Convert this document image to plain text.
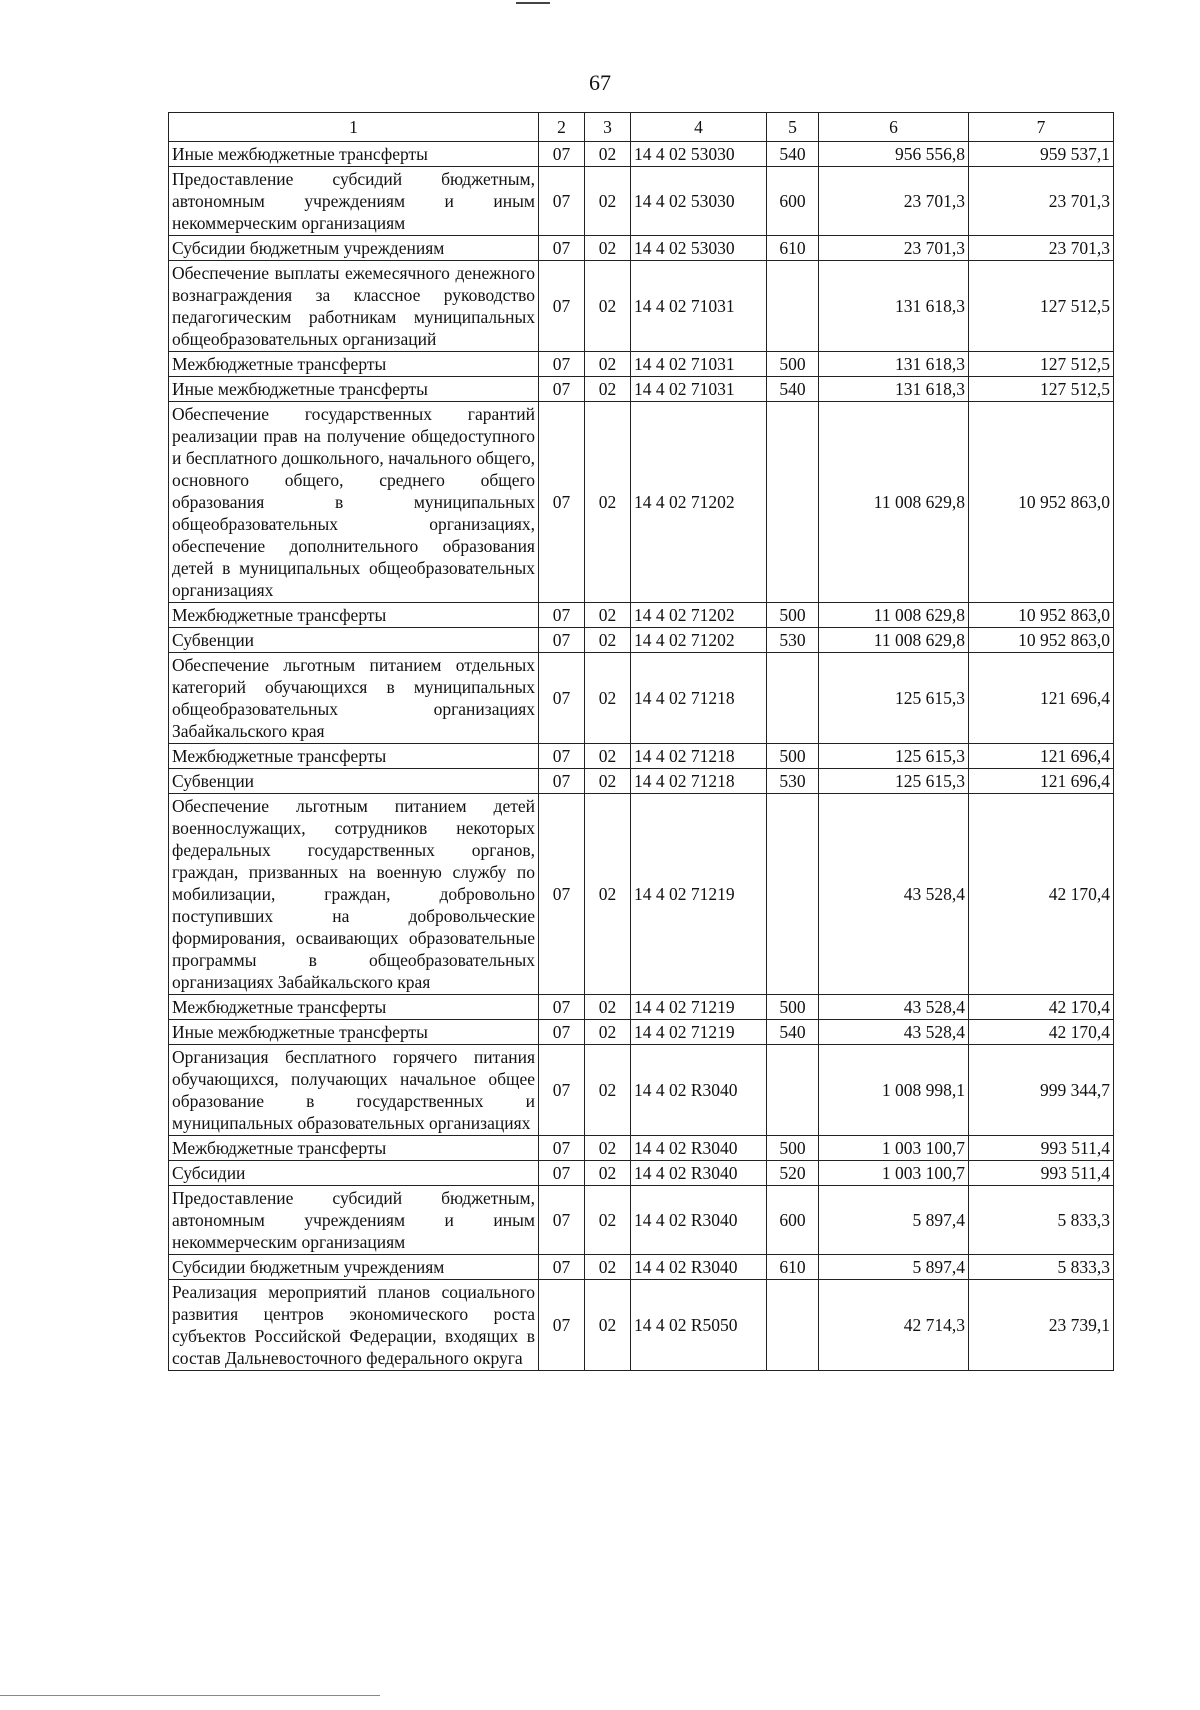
67
1	2	3	4	5	6	7
Иные межбюджетные трансферты	07	02	14 4 02 53030	540	956 556,8	959 537,1
Предоставление субсидий бюджетным, автономным учреждениям и иным некоммерческим организациям	07	02	14 4 02 53030	600	23 701,3	23 701,3
Субсидии бюджетным учреждениям	07	02	14 4 02 53030	610	23 701,3	23 701,3
Обеспечение выплаты ежемесячного денежного вознаграждения за классное руководство педагогическим работникам муниципальных общеобразовательных организаций	07	02	14 4 02 71031		131 618,3	127 512,5
Межбюджетные трансферты	07	02	14 4 02 71031	500	131 618,3	127 512,5
Иные межбюджетные трансферты	07	02	14 4 02 71031	540	131 618,3	127 512,5
Обеспечение государственных гарантий реализации прав на получение общедоступного и бесплатного дошкольного, начального общего, основного общего, среднего общего образования в муниципальных общеобразовательных организациях, обеспечение дополнительного образования детей в муниципальных общеобразовательных организациях	07	02	14 4 02 71202		11 008 629,8	10 952 863,0
Межбюджетные трансферты	07	02	14 4 02 71202	500	11 008 629,8	10 952 863,0
Субвенции	07	02	14 4 02 71202	530	11 008 629,8	10 952 863,0
Обеспечение льготным питанием отдельных категорий обучающихся в муниципальных общеобразовательных организациях Забайкальского края	07	02	14 4 02 71218		125 615,3	121 696,4
Межбюджетные трансферты	07	02	14 4 02 71218	500	125 615,3	121 696,4
Субвенции	07	02	14 4 02 71218	530	125 615,3	121 696,4
Обеспечение льготным питанием детей военнослужащих, сотрудников некоторых федеральных государственных органов, граждан, призванных на военную службу по мобилизации, граждан, добровольно поступивших на добровольческие формирования, осваивающих образовательные программы в общеобразовательных организациях Забайкальского края	07	02	14 4 02 71219		43 528,4	42 170,4
Межбюджетные трансферты	07	02	14 4 02 71219	500	43 528,4	42 170,4
Иные межбюджетные трансферты	07	02	14 4 02 71219	540	43 528,4	42 170,4
Организация бесплатного горячего питания обучающихся, получающих начальное общее образование в государственных и муниципальных образовательных организациях	07	02	14 4 02 R3040		1 008 998,1	999 344,7
Межбюджетные трансферты	07	02	14 4 02 R3040	500	1 003 100,7	993 511,4
Субсидии	07	02	14 4 02 R3040	520	1 003 100,7	993 511,4
Предоставление субсидий бюджетным, автономным учреждениям и иным некоммерческим организациям	07	02	14 4 02 R3040	600	5 897,4	5 833,3
Субсидии бюджетным учреждениям	07	02	14 4 02 R3040	610	5 897,4	5 833,3
Реализация мероприятий планов социального развития центров экономического роста субъектов Российской Федерации, входящих в состав Дальневосточного федерального округа	07	02	14 4 02 R5050		42 714,3	23 739,1
